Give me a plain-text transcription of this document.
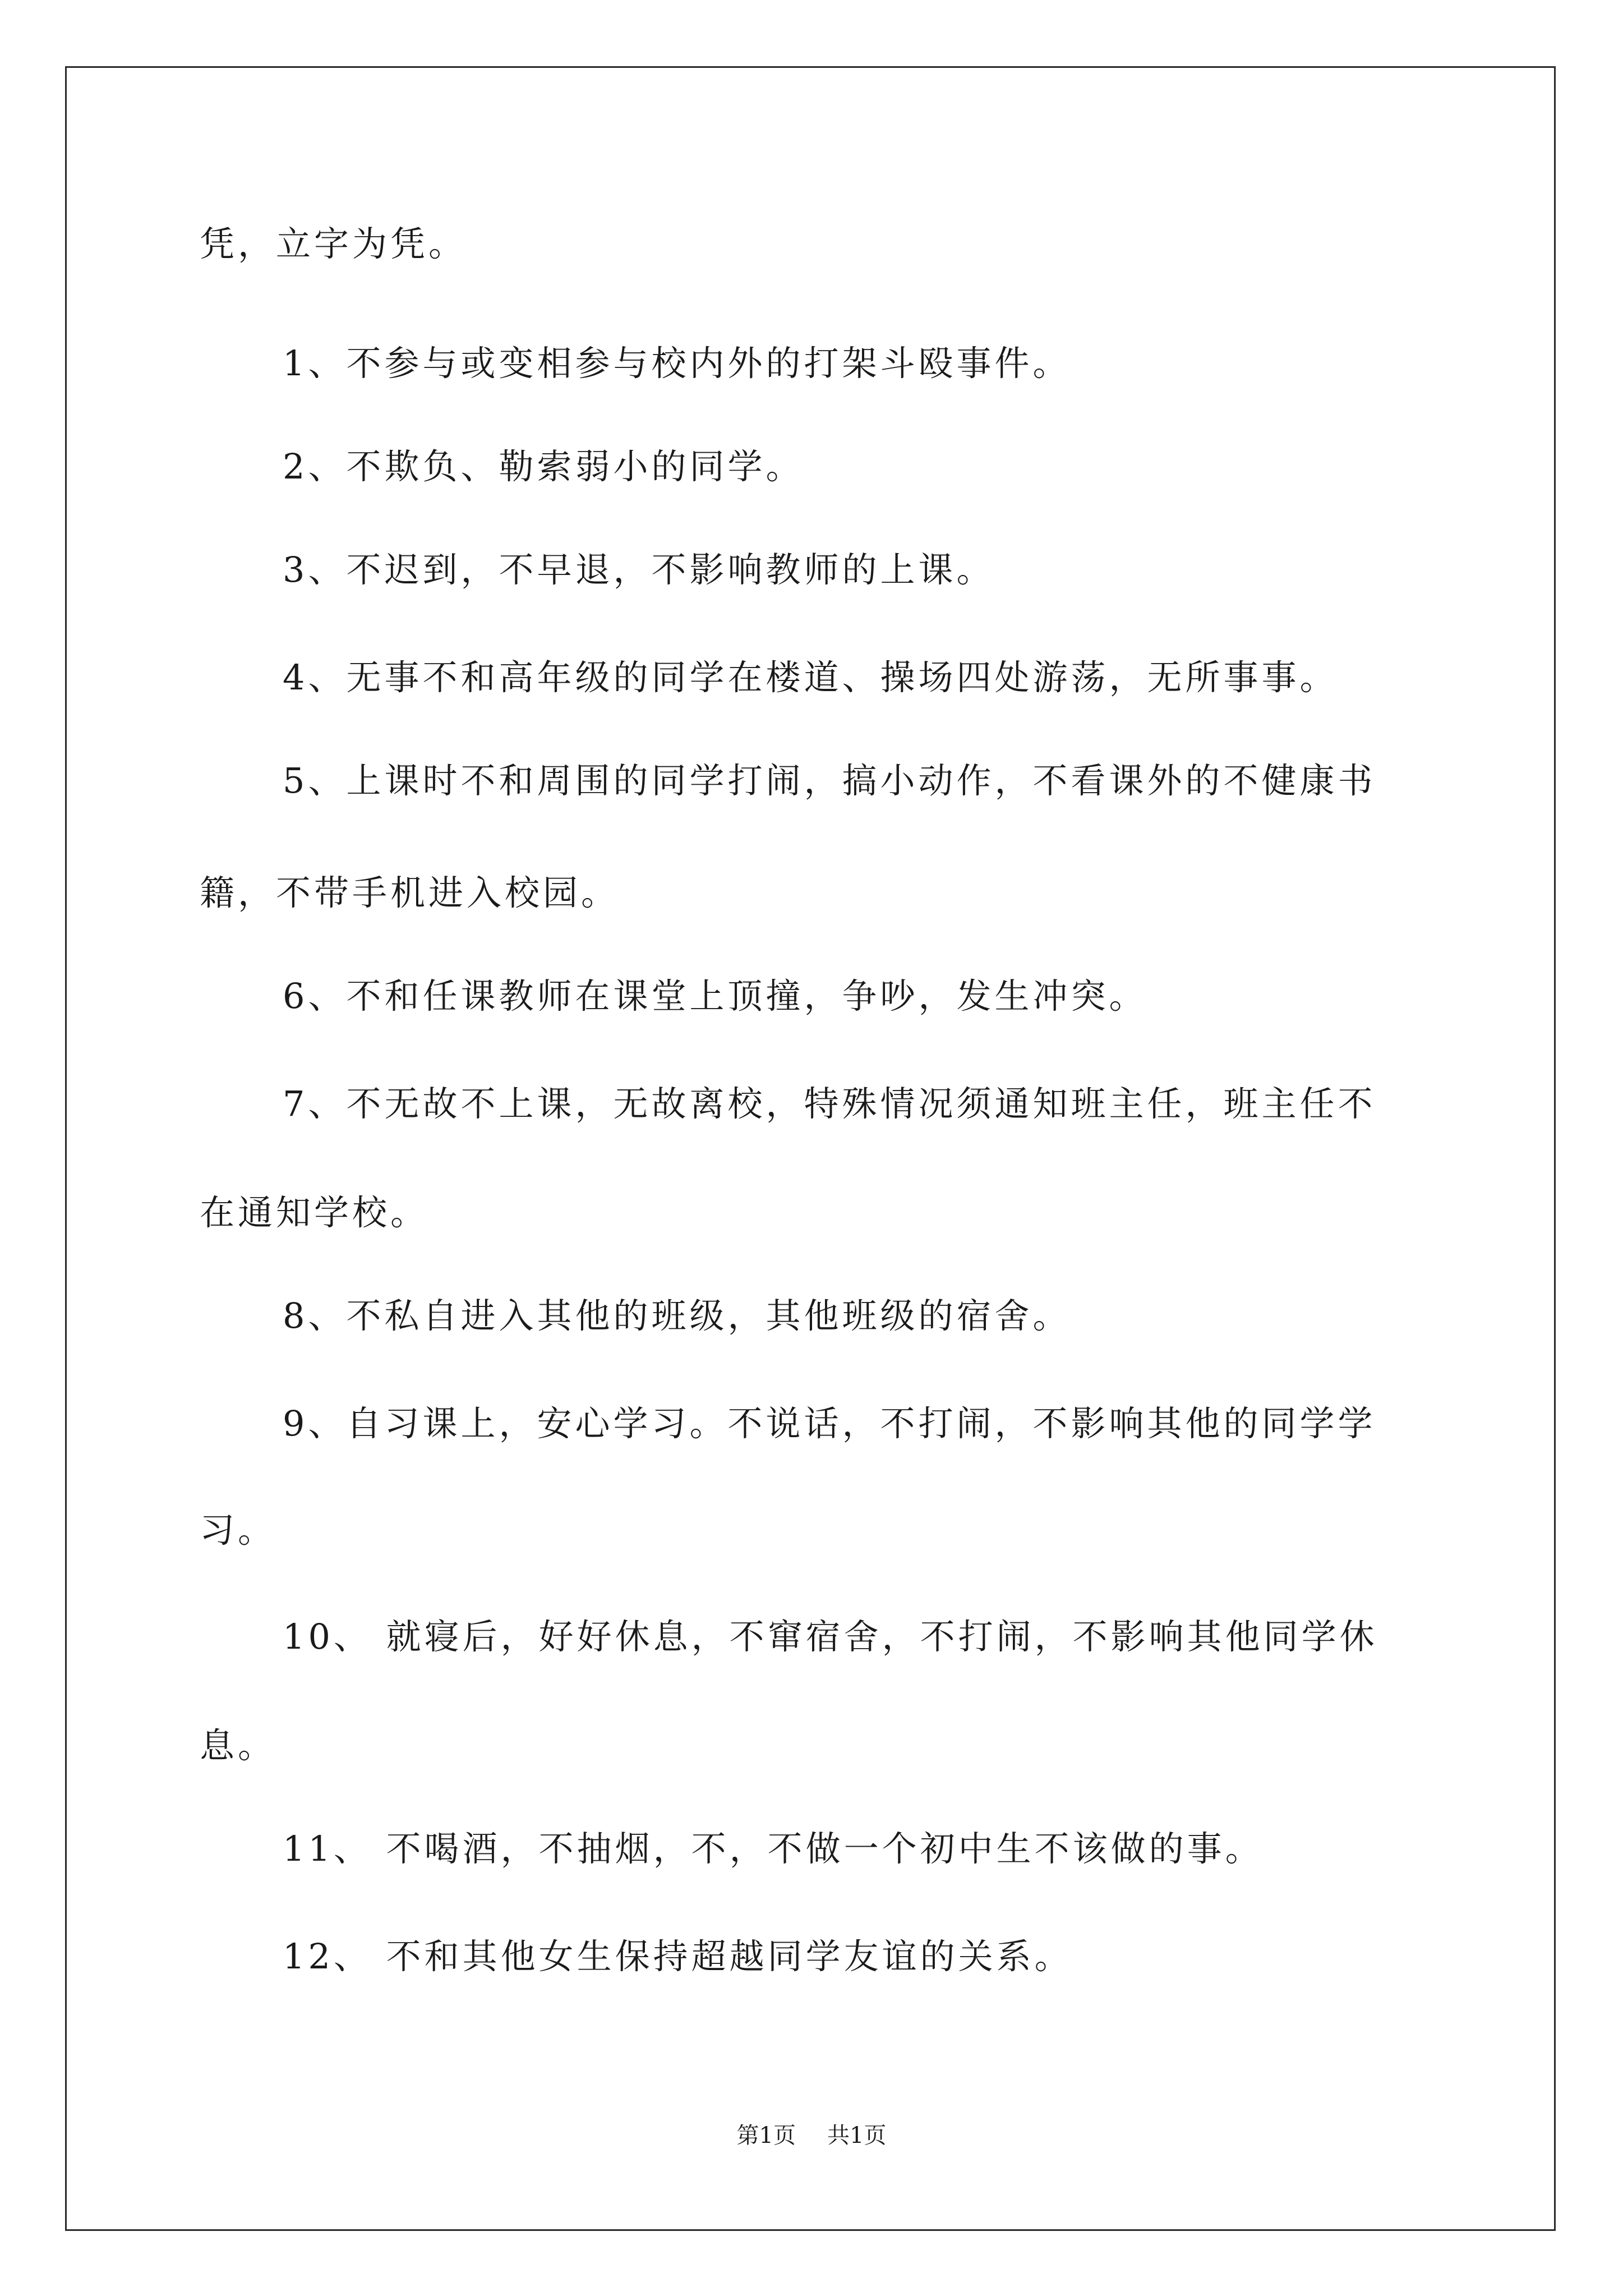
凭，立字为凭。
1、不参与或变相参与校内外的打架斗殴事件。
2、不欺负、勒索弱小的同学。
3、不迟到，不早退，不影响教师的上课。
4、无事不和高年级的同学在楼道、操场四处游荡，无所事事。
5、上课时不和周围的同学打闹，搞小动作，不看课外的不健康书
籍，不带手机进入校园。
6、不和任课教师在课堂上顶撞，争吵，发生冲突。
7、不无故不上课，无故离校，特殊情况须通知班主任，班主任不
在通知学校。
8、不私自进入其他的班级，其他班级的宿舍。
9、自习课上，安心学习。不说话，不打闹，不影响其他的同学学
习。
10、 就寝后，好好休息，不窜宿舍，不打闹，不影响其他同学休
息。
11、 不喝酒，不抽烟，不，不做一个初中生不该做的事。
12、 不和其他女生保持超越同学友谊的关系。
第1页 共1页
